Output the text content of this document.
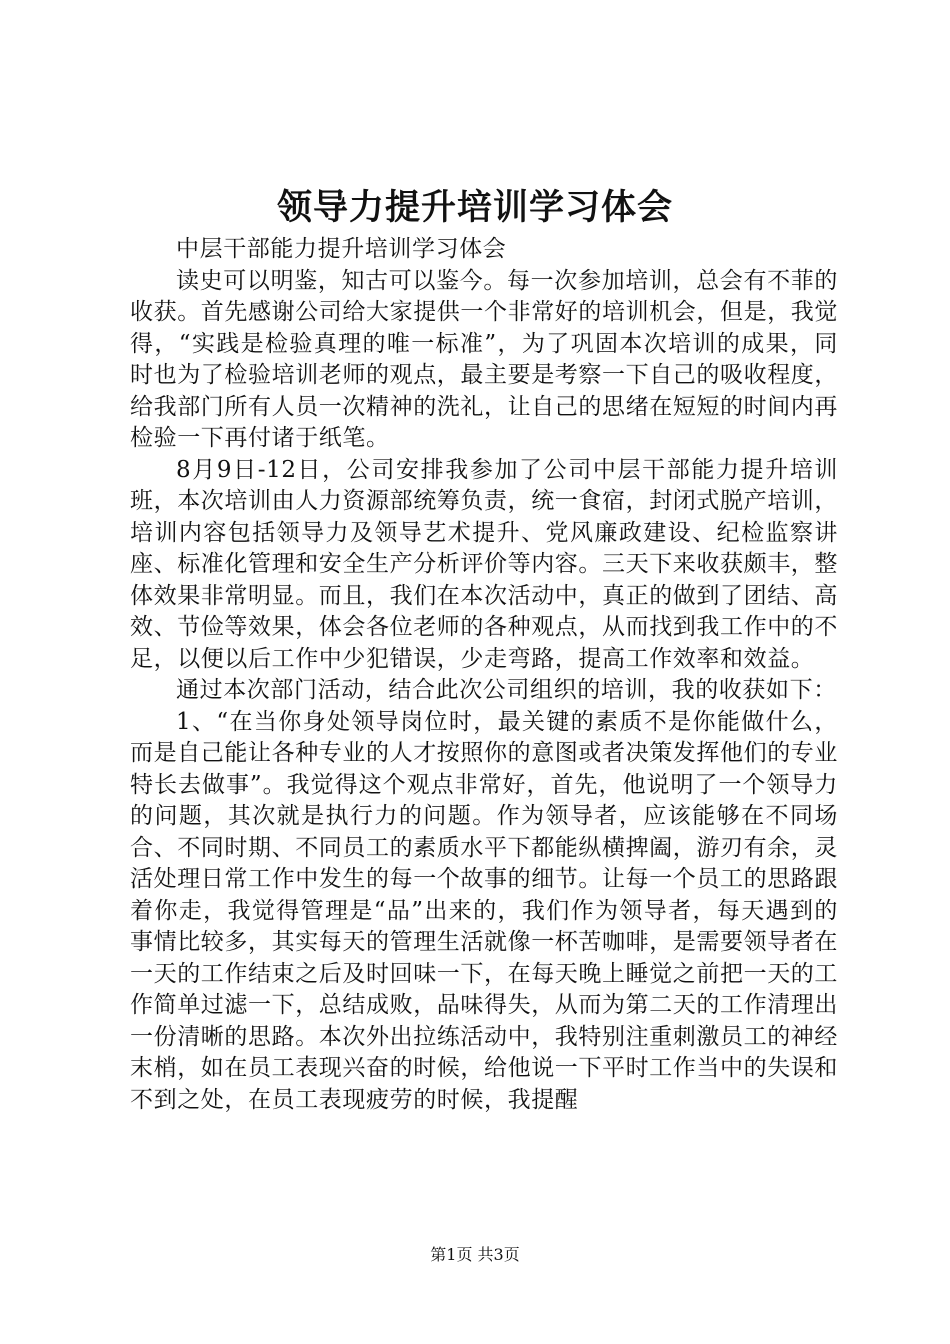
领导力提升培训学习体会

中层干部能力提升培训学习体会

读史可以明鉴，知古可以鉴今。每一次参加培训，总会有不菲的收获。首先感谢公司给大家提供一个非常好的培训机会，但是，我觉得，“实践是检验真理的唯一标准”，为了巩固本次培训的成果，同时也为了检验培训老师的观点，最主要是考察一下自己的吸收程度，给我部门所有人员一次精神的洗礼，让自己的思绪在短短的时间内再检验一下再付诸于纸笔。

8月9日-12日，公司安排我参加了公司中层干部能力提升培训班，本次培训由人力资源部统筹负责，统一食宿，封闭式脱产培训，培训内容包括领导力及领导艺术提升、党风廉政建设、纪检监察讲座、标准化管理和安全生产分析评价等内容。三天下来收获颇丰，整体效果非常明显。而且，我们在本次活动中，真正的做到了团结、高效、节俭等效果，体会各位老师的各种观点，从而找到我工作中的不足，以便以后工作中少犯错误，少走弯路，提高工作效率和效益。

通过本次部门活动，结合此次公司组织的培训，我的收获如下：

1、“在当你身处领导岗位时，最关键的素质不是你能做什么，而是自己能让各种专业的人才按照你的意图或者决策发挥他们的专业特长去做事”。我觉得这个观点非常好，首先，他说明了一个领导力的问题，其次就是执行力的问题。作为领导者，应该能够在不同场合、不同时期、不同员工的素质水平下都能纵横捭阖，游刃有余，灵活处理日常工作中发生的每一个故事的细节。让每一个员工的思路跟着你走，我觉得管理是“品”出来的，我们作为领导者，每天遇到的事情比较多，其实每天的管理生活就像一杯苦咖啡，是需要领导者在一天的工作结束之后及时回味一下，在每天晚上睡觉之前把一天的工作简单过滤一下，总结成败，品味得失，从而为第二天的工作清理出一份清晰的思路。本次外出拉练活动中，我特别注重刺激员工的神经末梢，如在员工表现兴奋的时候，给他说一下平时工作当中的失误和不到之处，在员工表现疲劳的时候，我提醒

第1页 共3页
